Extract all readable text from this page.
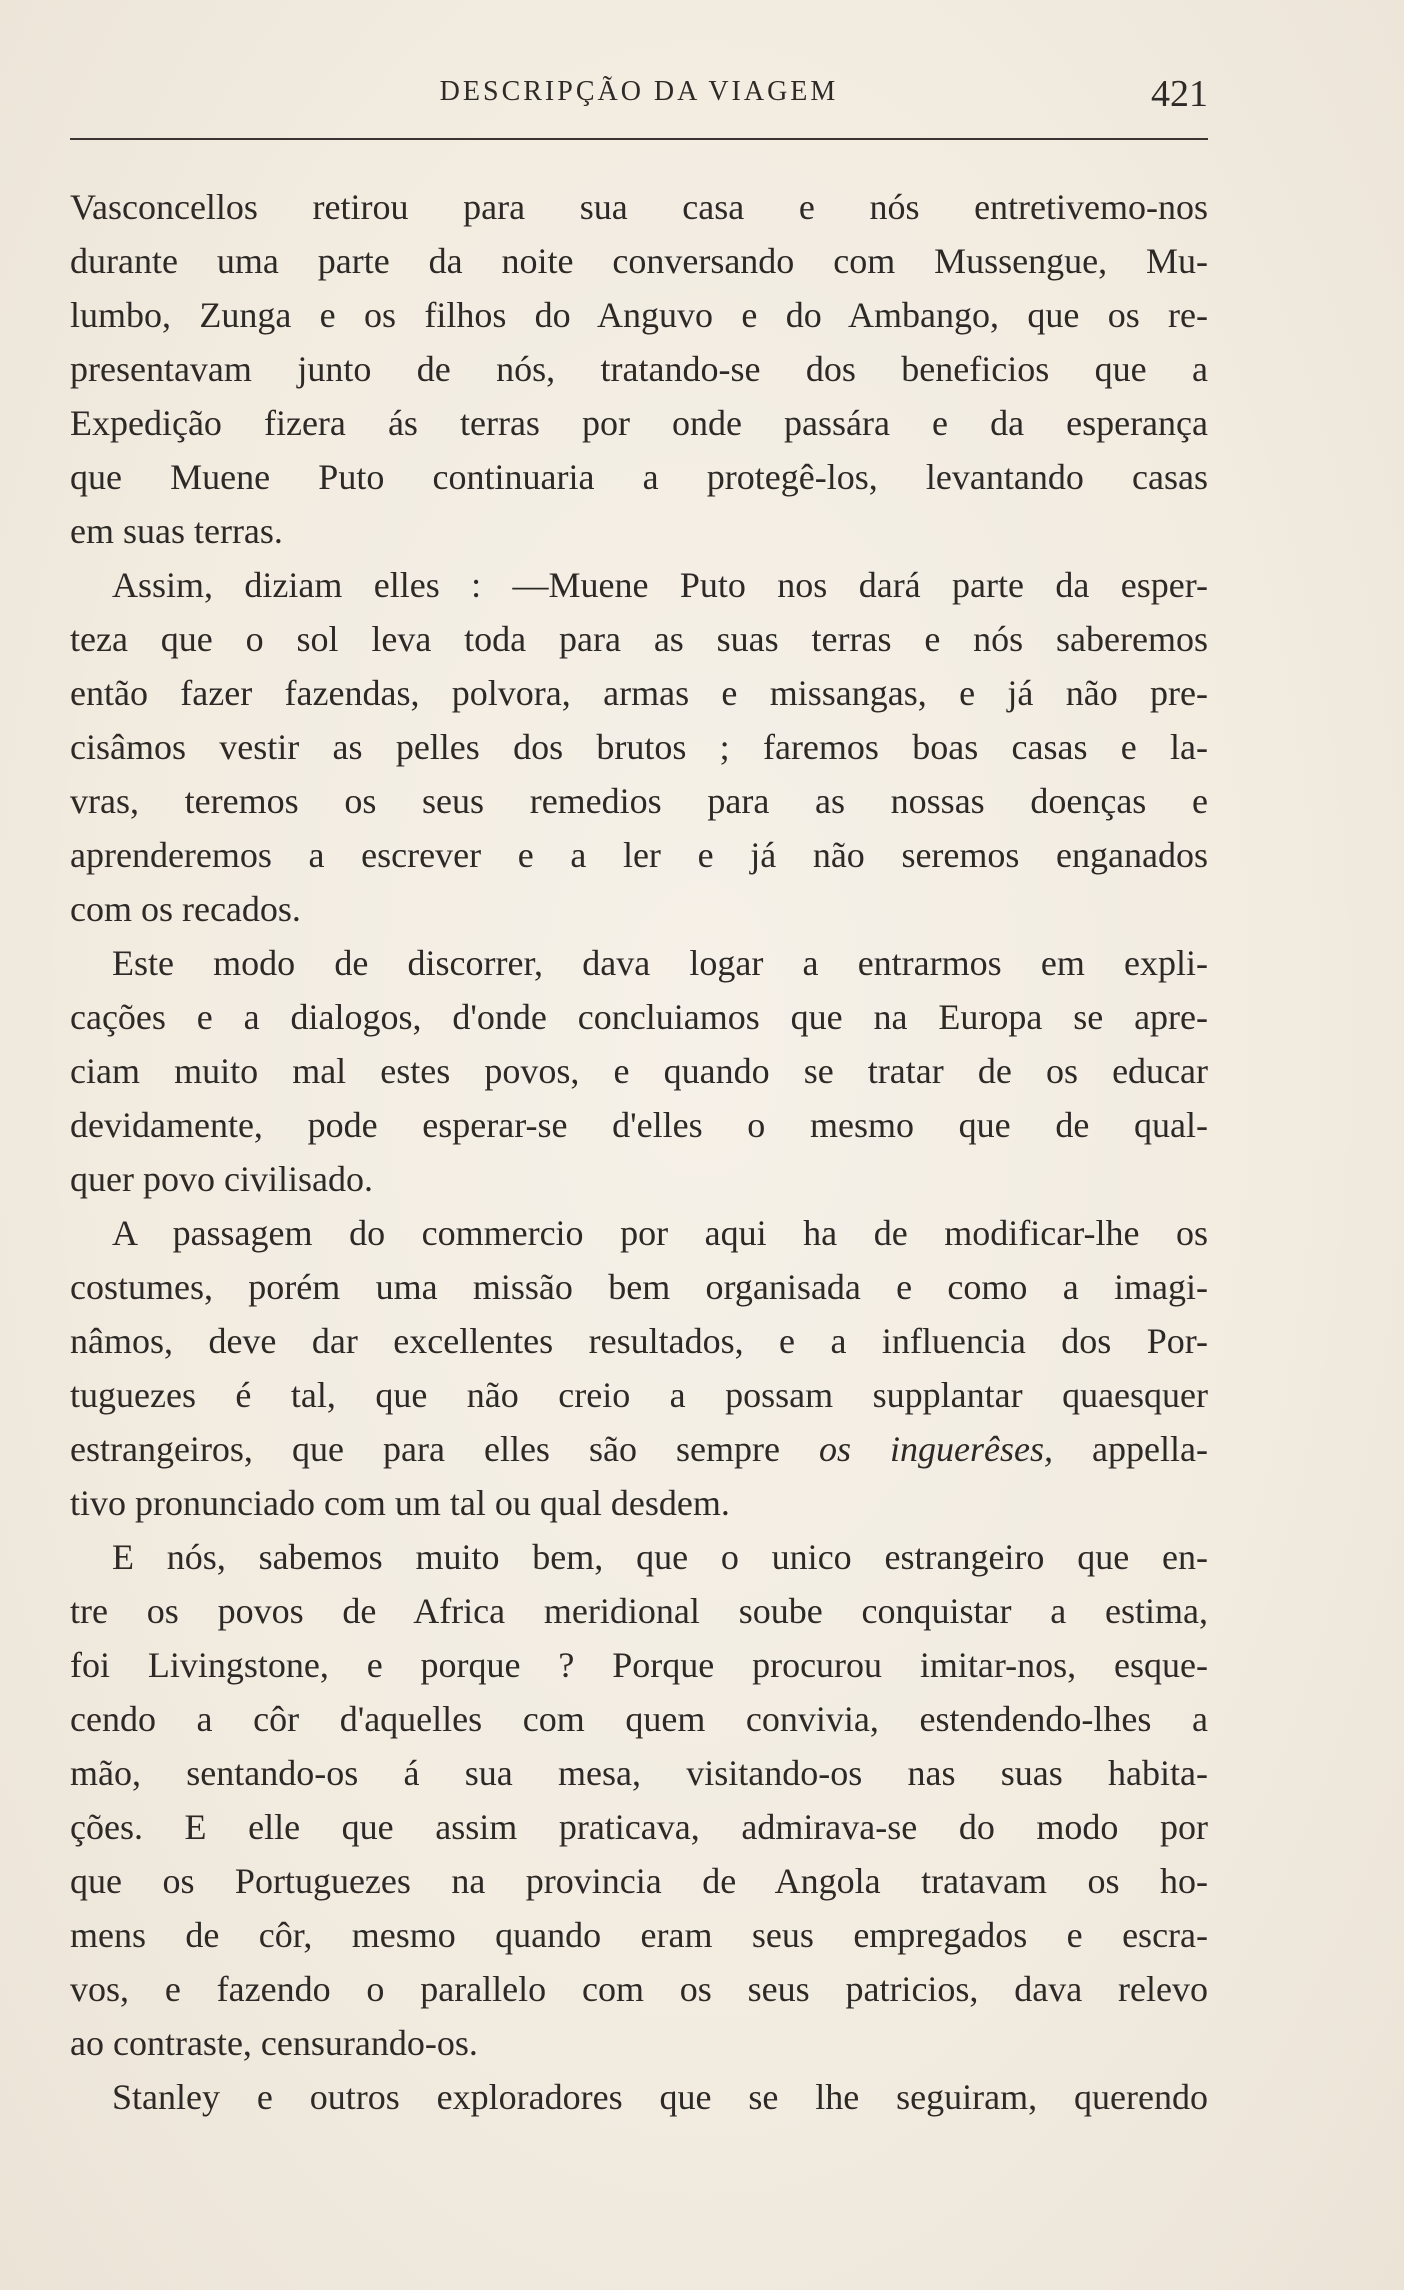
DESCRIPÇÃO DA VIAGEM	421
Vasconcellos retirou para sua casa e nós entretivemo-nos
durante uma parte da noite conversando com Mussengue, Mu-
lumbo, Zunga e os filhos do Anguvo e do Ambango, que os re-
presentavam junto de nós, tratando-se dos beneficios que a
Expedição fizera ás terras por onde passára e da esperança
que Muene Puto continuaria a protegê-los, levantando casas
em suas terras.
Assim, diziam elles : —Muene Puto nos dará parte da esper-
teza que o sol leva toda para as suas terras e nós saberemos
então fazer fazendas, polvora, armas e missangas, e já não pre-
cisâmos vestir as pelles dos brutos ; faremos boas casas e la-
vras, teremos os seus remedios para as nossas doenças e
aprenderemos a escrever e a ler e já não seremos enganados
com os recados.
Este modo de discorrer, dava logar a entrarmos em expli-
cações e a dialogos, d'onde concluiamos que na Europa se apre-
ciam muito mal estes povos, e quando se tratar de os educar
devidamente, pode esperar-se d'elles o mesmo que de qual-
quer povo civilisado.
A passagem do commercio por aqui ha de modificar-lhe os
costumes, porém uma missão bem organisada e como a imagi-
nâmos, deve dar excellentes resultados, e a influencia dos Por-
tuguezes é tal, que não creio a possam supplantar quaesquer
estrangeiros, que para elles são sempre os inguerêses, appella-
tivo pronunciado com um tal ou qual desdem.
E nós, sabemos muito bem, que o unico estrangeiro que en-
tre os povos de Africa meridional soube conquistar a estima,
foi Livingstone, e porque ? Porque procurou imitar-nos, esque-
cendo a côr d'aquelles com quem convivia, estendendo-lhes a
mão, sentando-os á sua mesa, visitando-os nas suas habita-
ções. E elle que assim praticava, admirava-se do modo por
que os Portuguezes na provincia de Angola tratavam os ho-
mens de côr, mesmo quando eram seus empregados e escra-
vos, e fazendo o parallelo com os seus patricios, dava relevo
ao contraste, censurando-os.
Stanley e outros exploradores que se lhe seguiram, querendo
